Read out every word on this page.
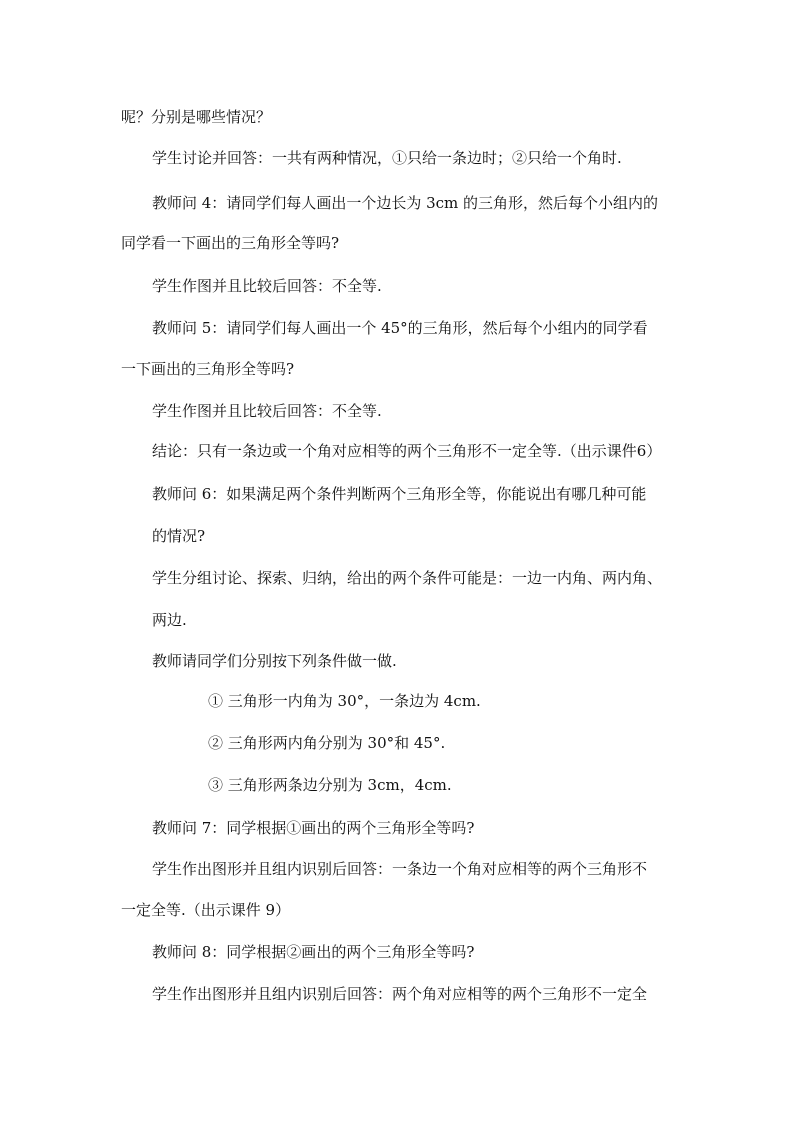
呢？分别是哪些情况？
学生讨论并回答：一共有两种情况，①只给一条边时；②只给一个角时.
教师问 4：请同学们每人画出一个边长为 3cm 的三角形，然后每个小组内的
同学看一下画出的三角形全等吗?
学生作图并且比较后回答：不全等.
教师问 5：请同学们每人画出一个 45°的三角形，然后每个小组内的同学看
一下画出的三角形全等吗?
学生作图并且比较后回答：不全等.
结论：只有一条边或一个角对应相等的两个三角形不一定全等.（出示课件6）
教师问 6：如果满足两个条件判断两个三角形全等，你能说出有哪几种可能
的情况?
学生分组讨论、探索、归纳，给出的两个条件可能是：一边一内角、两内角、
两边.
教师请同学们分别按下列条件做一做.
① 三角形一内角为 30°，一条边为 4cm.
② 三角形两内角分别为 30°和 45°.
③ 三角形两条边分别为 3cm，4cm.
教师问 7：同学根据①画出的两个三角形全等吗?
学生作出图形并且组内识别后回答：一条边一个角对应相等的两个三角形不
一定全等.（出示课件 9）
教师问 8：同学根据②画出的两个三角形全等吗?
学生作出图形并且组内识别后回答：两个角对应相等的两个三角形不一定全
